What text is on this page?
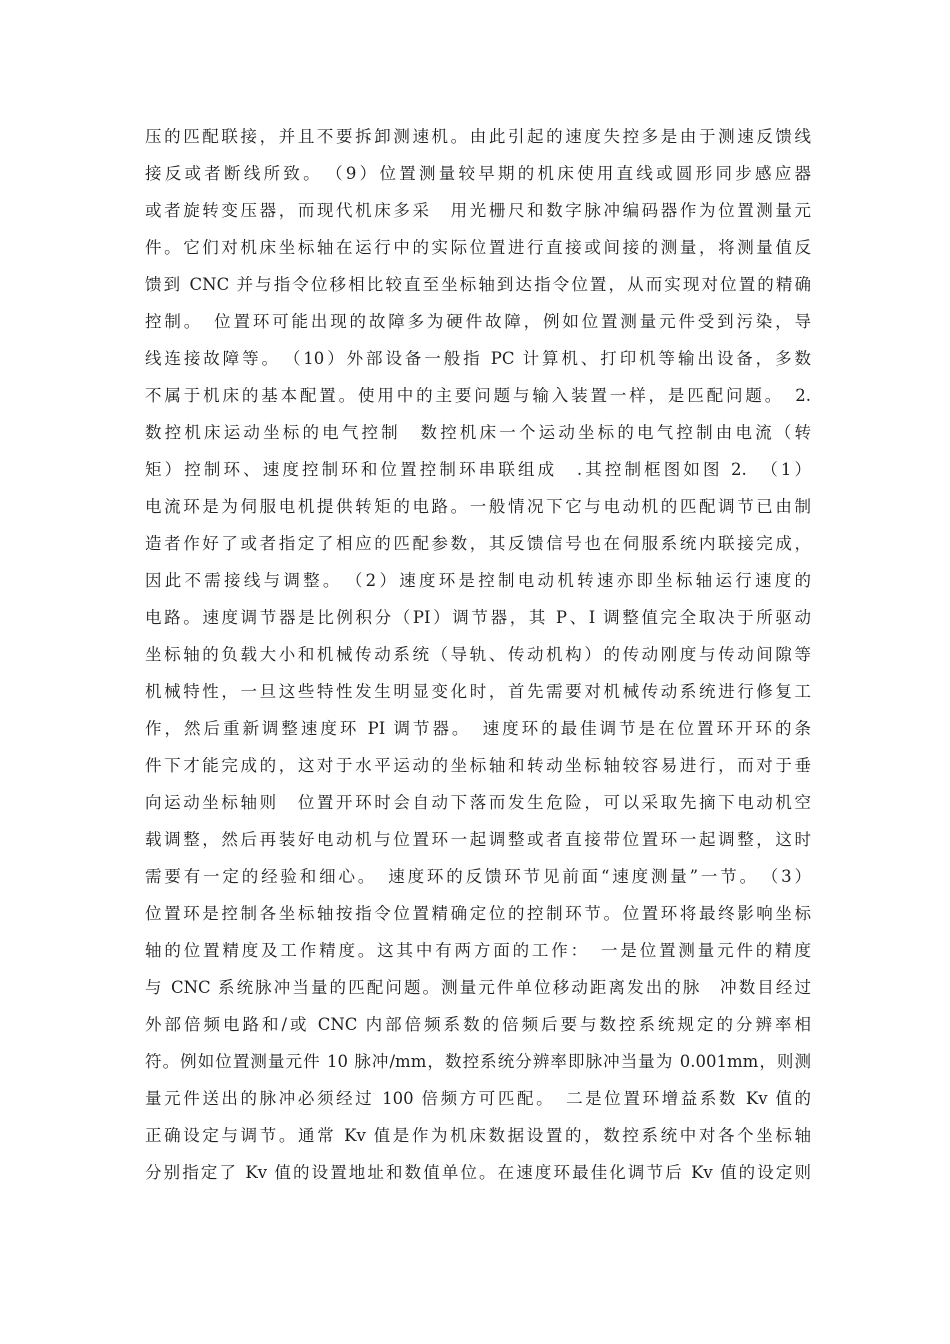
压的匹配联接，并且不要拆卸测速机。由此引起的速度失控多是由于测速反馈线
接反或者断线所致。　（9）位置测量较早期的机床使用直线或圆形同步感应器
或者旋转变压器，而现代机床多采　用光栅尺和数字脉冲编码器作为位置测量元
件。它们对机床坐标轴在运行中的实际位置进行直接或间接的测量，将测量值反
馈到 CNC 并与指令位移相比较直至坐标轴到达指令位置，从而实现对位置的精确
控制。　位置环可能出现的故障多为硬件故障，例如位置测量元件受到污染，导
线连接故障等。　（10）外部设备一般指 PC 计算机、打印机等输出设备，多数
不属于机床的基本配置。使用中的主要问题与输入装置一样，是匹配问题。　2.
数控机床运动坐标的电气控制　数控机床一个运动坐标的电气控制由电流（转
矩）控制环、速度控制环和位置控制环串联组成　.其控制框图如图 2.　（1）
电流环是为伺服电机提供转矩的电路。一般情况下它与电动机的匹配调节已由制
造者作好了或者指定了相应的匹配参数，其反馈信号也在伺服系统内联接完成，
因此不需接线与调整。　（2）速度环是控制电动机转速亦即坐标轴运行速度的
电路。速度调节器是比例积分（PI）调节器，其 P、I 调整值完全取决于所驱动
坐标轴的负载大小和机械传动系统（导轨、传动机构）的传动刚度与传动间隙等
机械特性，一旦这些特性发生明显变化时，首先需要对机械传动系统进行修复工
作，然后重新调整速度环 PI 调节器。　速度环的最佳调节是在位置环开环的条
件下才能完成的，这对于水平运动的坐标轴和转动坐标轴较容易进行，而对于垂
向运动坐标轴则　位置开环时会自动下落而发生危险，可以采取先摘下电动机空
载调整，然后再装好电动机与位置环一起调整或者直接带位置环一起调整，这时
需要有一定的经验和细心。　速度环的反馈环节见前面“速度测量”一节。　（3）
位置环是控制各坐标轴按指令位置精确定位的控制环节。位置环将最终影响坐标
轴的位置精度及工作精度。这其中有两方面的工作：　一是位置测量元件的精度
与 CNC 系统脉冲当量的匹配问题。测量元件单位移动距离发出的脉　冲数目经过
外部倍频电路和/或 CNC 内部倍频系数的倍频后要与数控系统规定的分辨率相
符。例如位置测量元件 10 脉冲/mm，数控系统分辨率即脉冲当量为 0.001mm，则测
量元件送出的脉冲必须经过 100 倍频方可匹配。　二是位置环增益系数 Kv 值的
正确设定与调节。通常 Kv 值是作为机床数据设置的，数控系统中对各个坐标轴
分别指定了 Kv 值的设置地址和数值单位。在速度环最佳化调节后 Kv 值的设定则
